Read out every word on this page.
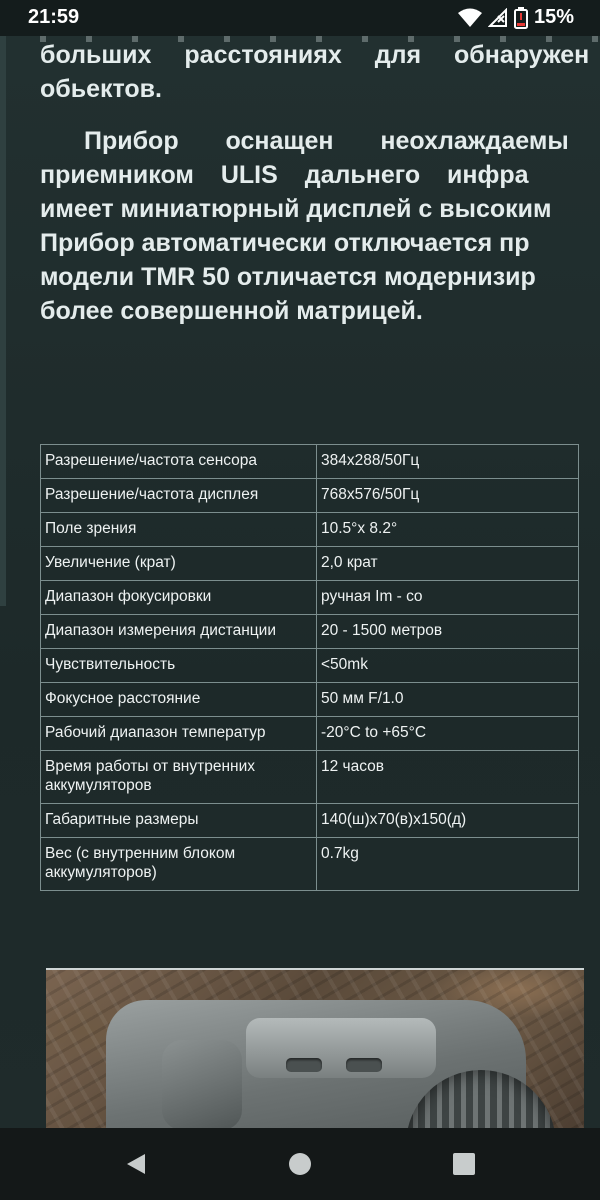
21:59	15%
больших расстояниях для обнаружен
обьектов.
Прибор оснащен неохлаждаемы
приемником ULIS дальнего инфра
имеет миниатюрный дисплей с высоким
Прибор автоматически отключается пр
модели TMR 50 отличается модернизир
более совершенной матрицей.
Разрешение/частота сенсора	384x288/50Гц
Разрешение/частота дисплея	768x576/50Гц
Поле зрения	10.5°x 8.2°
Увеличение (крат)	2,0 крат
Диапазон фокусировки	ручная Im - co
Диапазон измерения дистанции	20 - 1500 метров
Чувствительность	<50mk
Фокусное расстояние	50 мм F/1.0
Рабочий диапазон температур	-20°C to +65°C
Время работы от внутренних аккумуляторов	12 часов
Габаритные размеры	140(ш)x70(в)x150(д)
Вес (с внутренним блоком аккумуляторов)	0.7kg
